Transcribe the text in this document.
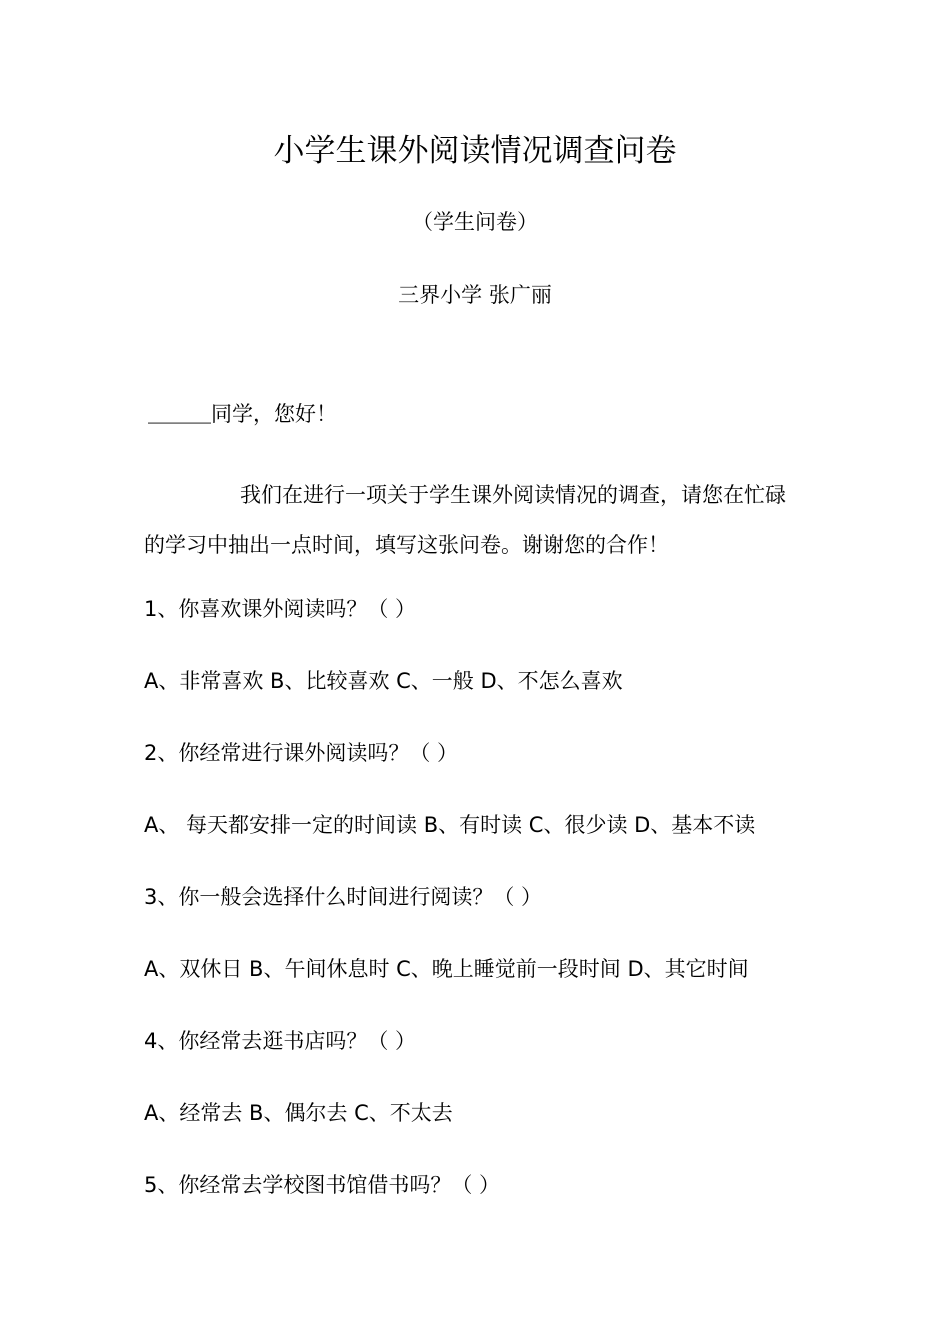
小学生课外阅读情况调查问卷
（学生问卷）
三界小学 张广丽
＿＿＿同学，您好！
我们在进行一项关于学生课外阅读情况的调查，请您在忙碌的学习中抽出一点时间，填写这张问卷。谢谢您的合作！
1、你喜欢课外阅读吗？（ ）
A、非常喜欢 B、比较喜欢 C、一般 D、不怎么喜欢
2、你经常进行课外阅读吗？（ ）
A、 每天都安排一定的时间读 B、有时读 C、很少读 D、基本不读
3、你一般会选择什么时间进行阅读？（ ）
A、双休日 B、午间休息时 C、晚上睡觉前一段时间 D、其它时间
4、你经常去逛书店吗？（ ）
A、经常去 B、偶尔去 C、不太去
5、你经常去学校图书馆借书吗？（ ）
